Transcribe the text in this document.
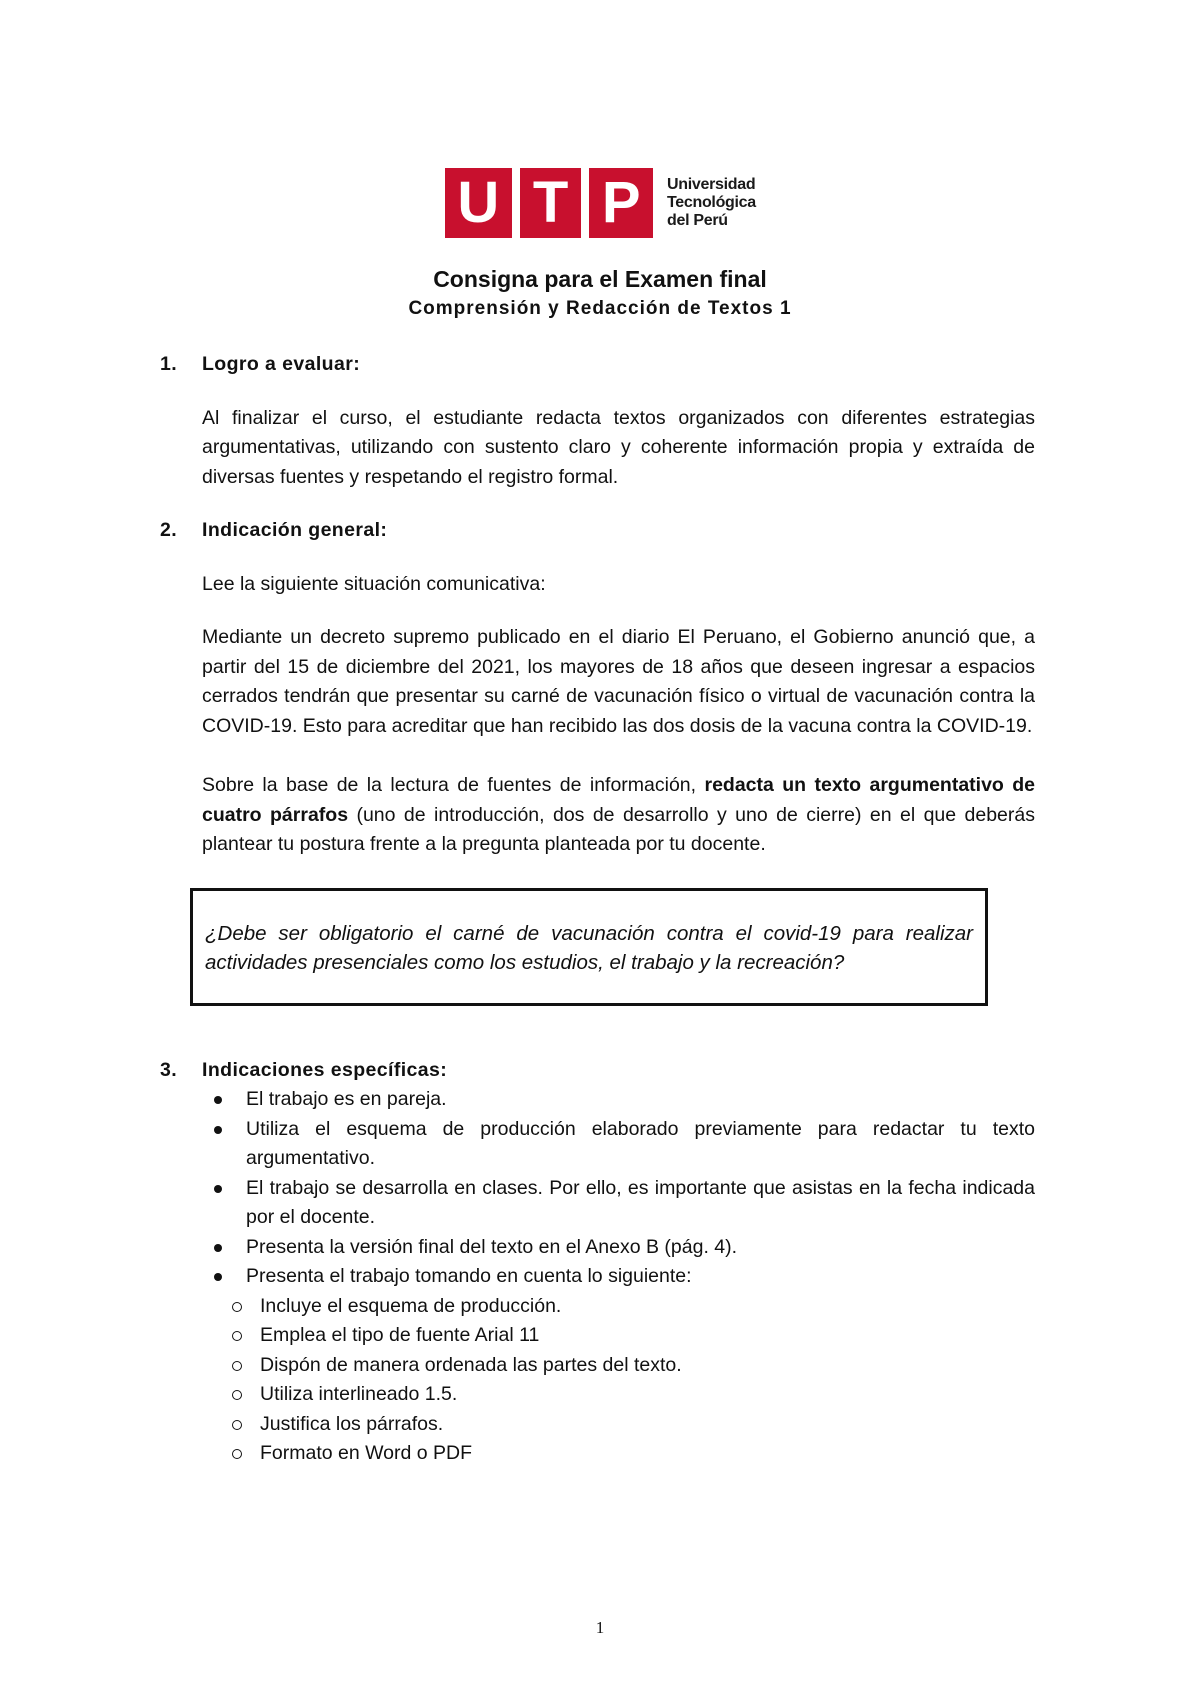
U T P Universidad
Tecnológica
del Perú
Consigna para el Examen final
Comprensión y Redacción de Textos 1
1.	Logro a evaluar:
Al finalizar el curso, el estudiante redacta textos organizados con diferentes estrategias argumentativas, utilizando con sustento claro y coherente información propia y extraída de diversas fuentes y respetando el registro formal.
2.	Indicación general:
Lee la siguiente situación comunicativa:
Mediante un decreto supremo publicado en el diario El Peruano, el Gobierno anunció que, a partir del 15 de diciembre del 2021, los mayores de 18 años que deseen ingresar a espacios cerrados tendrán que presentar su carné de vacunación físico o virtual de vacunación contra la COVID-19. Esto para acreditar que han recibido las dos dosis de la vacuna contra la COVID-19.
Sobre la base de la lectura de fuentes de información, redacta un texto argumentativo de cuatro párrafos (uno de introducción, dos de desarrollo y uno de cierre) en el que deberás plantear tu postura frente a la pregunta planteada por tu docente.
¿Debe ser obligatorio el carné de vacunación contra el covid-19 para realizar actividades presenciales como los estudios, el trabajo y la recreación?
3.	Indicaciones específicas:
El trabajo es en pareja.
Utiliza el esquema de producción elaborado previamente para redactar tu texto argumentativo.
El trabajo se desarrolla en clases. Por ello, es importante que asistas en la fecha indicada por el docente.
Presenta la versión final del texto en el Anexo B (pág. 4).
Presenta el trabajo tomando en cuenta lo siguiente:
Incluye el esquema de producción.
Emplea el tipo de fuente Arial 11
Dispón de manera ordenada las partes del texto.
Utiliza interlineado 1.5.
Justifica los párrafos.
Formato en Word o PDF
1
